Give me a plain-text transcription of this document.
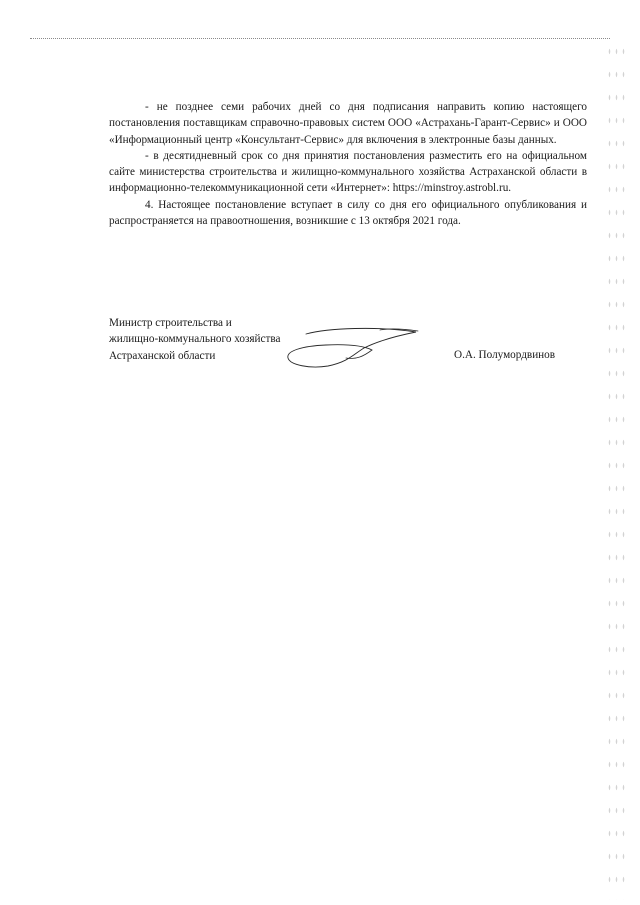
- не позднее семи рабочих дней со дня подписания направить копию настоящего постановления поставщикам справочно-правовых систем ООО «Астрахань-Гарант-Сервис» и ООО «Информационный центр «Консультант-Сервис» для включения в электронные базы данных.

- в десятидневный срок со дня принятия постановления разместить его на официальном сайте министерства строительства и жилищно-коммунального хозяйства Астраханской области в информационно-телекоммуникационной сети «Интернет»: https://minstroy.astrobl.ru.

4. Настоящее постановление вступает в силу со дня его официального опубликования и распространяется на правоотношения, возникшие с 13 октября 2021 года.

Министр строительства и
жилищно-коммунального хозяйства
Астраханской области	О.А. Полумордвинов
